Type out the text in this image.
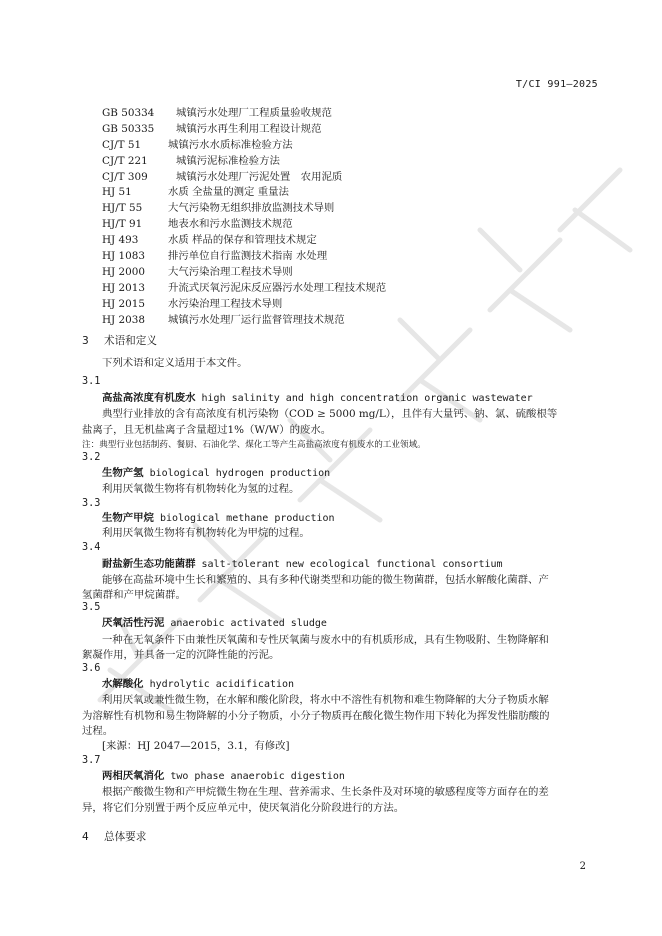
T/CI 991—2025
GB 50334 城镇污水处理厂工程质量验收规范
GB 50335 城镇污水再生利用工程设计规范
CJ/T 51	城镇污水水质标准检验方法
CJ/T 221	城镇污泥标准检验方法
CJ/T 309	城镇污水处理厂污泥处置　农用泥质
HJ 51	水质 全盐量的测定 重量法
HJ/T 55 大气污染物无组织排放监测技术导则
HJ/T 91 地表水和污水监测技术规范
HJ 493	水质 样品的保存和管理技术规定
HJ 1083 排污单位自行监测技术指南 水处理
HJ 2000 大气污染治理工程技术导则
HJ 2013 升流式厌氧污泥床反应器污水处理工程技术规范
HJ 2015 水污染治理工程技术导则
HJ 2038 城镇污水处理厂运行监督管理技术规范
3 术语和定义
下列术语和定义适用于本文件。
3.1
高盐高浓度有机废水 high salinity and high concentration organic wastewater
典型行业排放的含有高浓度有机污染物（COD ≥ 5000 mg/L），且伴有大量钙、钠、氯、硫酸根等
盐离子，且无机盐离子含量超过1%（W/W）的废水。
注：典型行业包括制药、餐厨、石油化学、煤化工等产生高盐高浓度有机废水的工业领域。
3.2
生物产氢 biological hydrogen production
利用厌氧微生物将有机物转化为氢的过程。
3.3
生物产甲烷 biological methane production
利用厌氧微生物将有机物转化为甲烷的过程。
3.4
耐盐新生态功能菌群 salt-tolerant new ecological functional consortium
能够在高盐环境中生长和繁殖的、具有多种代谢类型和功能的微生物菌群，包括水解酸化菌群、产
氢菌群和产甲烷菌群。
3.5
厌氧活性污泥 anaerobic activated sludge
一种在无氧条件下由兼性厌氧菌和专性厌氧菌与废水中的有机质形成，具有生物吸附、生物降解和
絮凝作用，并具备一定的沉降性能的污泥。
3.6
水解酸化 hydrolytic acidification
利用厌氧或兼性微生物，在水解和酸化阶段，将水中不溶性有机物和难生物降解的大分子物质水解
为溶解性有机物和易生物降解的小分子物质，小分子物质再在酸化微生物作用下转化为挥发性脂肪酸的
过程。
[来源：HJ 2047—2015，3.1，有修改]
3.7
两相厌氧消化 two phase anaerobic digestion
根据产酸微生物和产甲烷微生物在生理、营养需求、生长条件及对环境的敏感程度等方面存在的差
异，将它们分别置于两个反应单元中，使厌氧消化分阶段进行的方法。
4 总体要求
2
